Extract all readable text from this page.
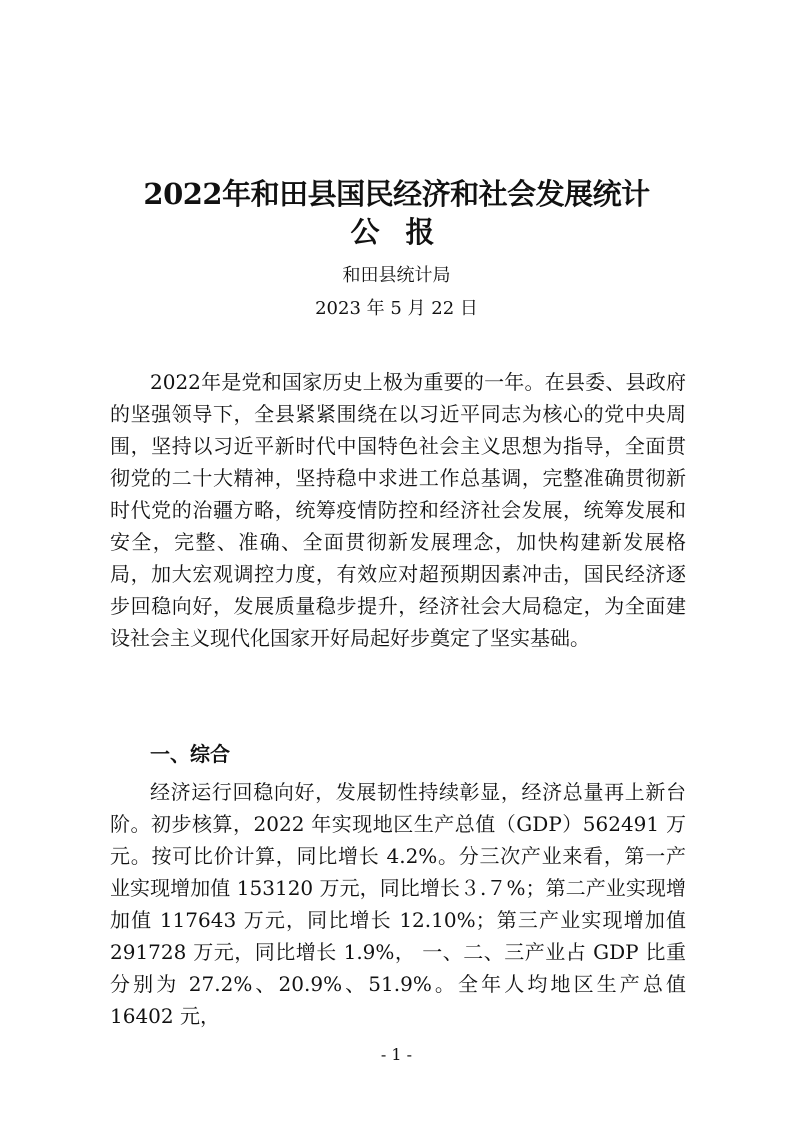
2022年和田县国民经济和社会发展统计
公 报
和田县统计局
2023 年 5 月 22 日

2022年是党和国家历史上极为重要的一年。在县委、县政府的坚强领导下，全县紧紧围绕在以习近平同志为核心的党中央周围，坚持以习近平新时代中国特色社会主义思想为指导，全面贯彻党的二十大精神，坚持稳中求进工作总基调，完整准确贯彻新时代党的治疆方略，统筹疫情防控和经济社会发展，统筹发展和安全，完整、准确、全面贯彻新发展理念，加快构建新发展格局，加大宏观调控力度，有效应对超预期因素冲击，国民经济逐步回稳向好，发展质量稳步提升，经济社会大局稳定，为全面建设社会主义现代化国家开好局起好步奠定了坚实基础。

一、综合

经济运行回稳向好，发展韧性持续彰显，经济总量再上新台阶。初步核算，2022 年实现地区生产总值（GDP）562491 万元。按可比价计算，同比增长 4.2%。分三次产业来看，第一产业实现增加值 153120 万元，同比增长３.７%；第二产业实现增加值 117643 万元，同比增长 12.10%；第三产业实现增加值 291728 万元，同比增长 1.9%， 一、二、三产业占 GDP 比重分别为 27.2%、20.9%、51.9%。全年人均地区生产总值 16402 元，

- 1 -
